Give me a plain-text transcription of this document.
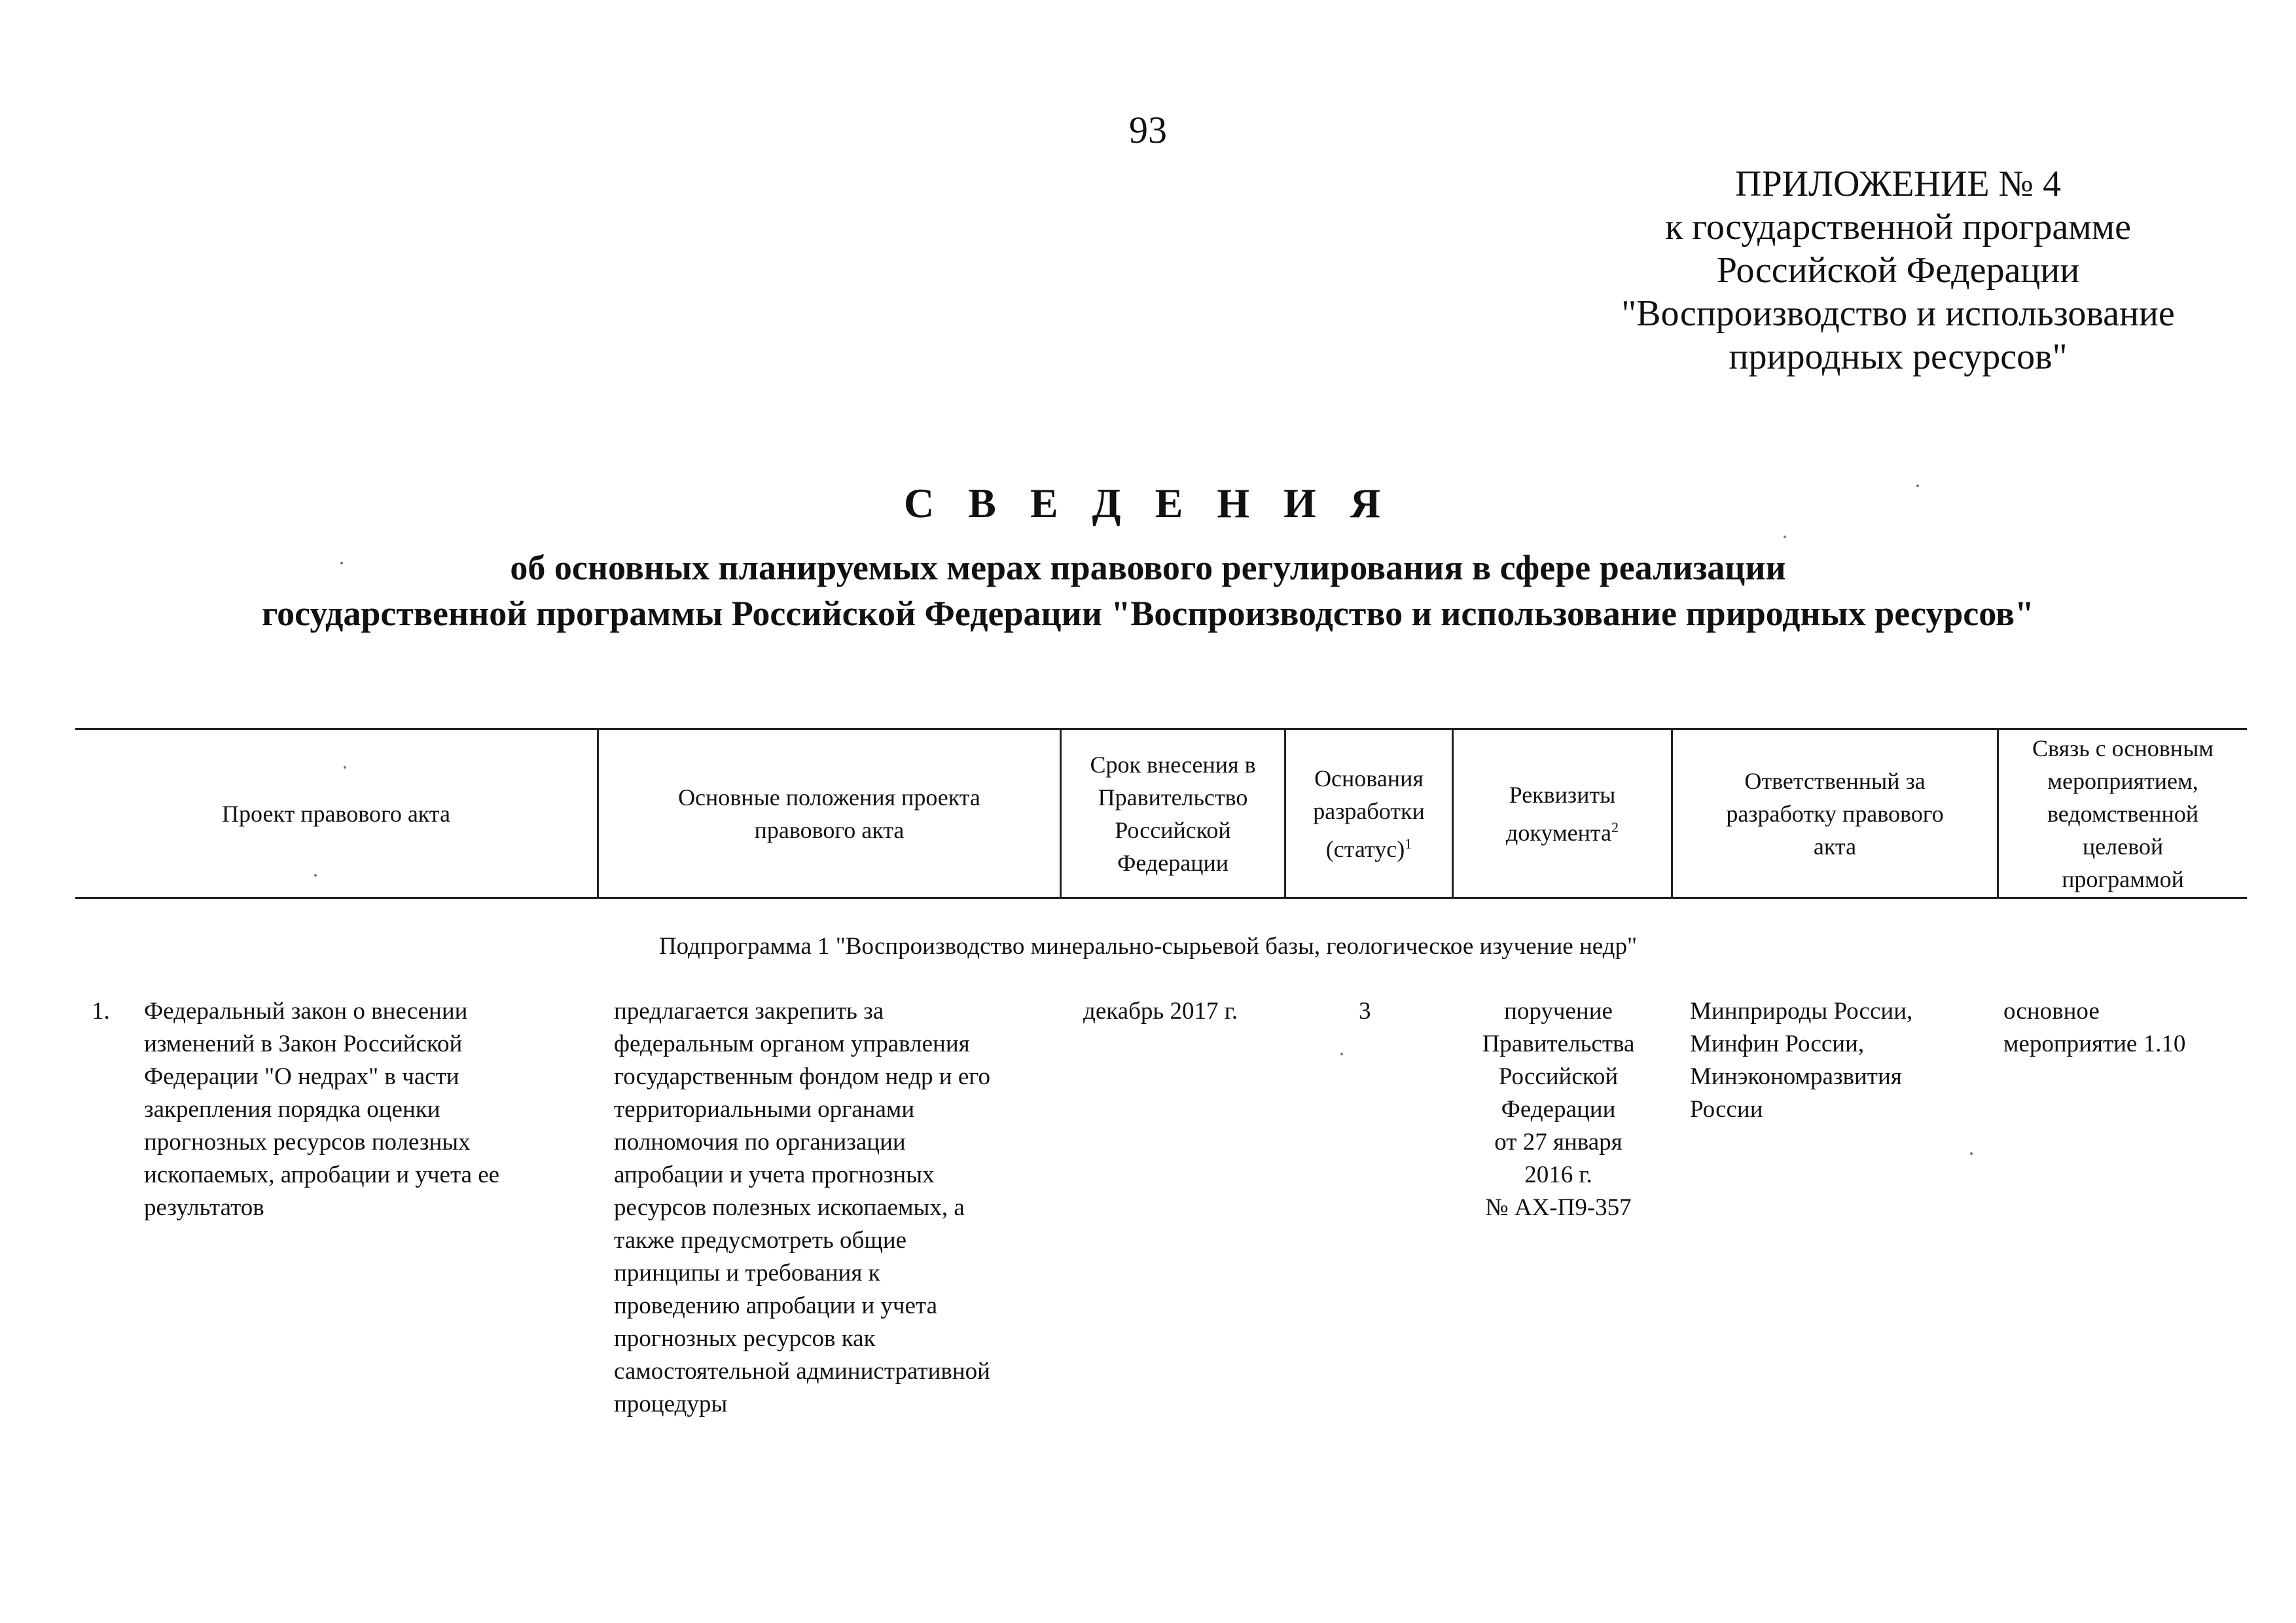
93
ПРИЛОЖЕНИЕ № 4
к государственной программе
Российской Федерации
"Воспроизводство и использование
природных ресурсов"
С В Е Д Е Н И Я
об основных планируемых мерах правового регулирования в сфере реализации
государственной программы Российской Федерации "Воспроизводство и использование природных ресурсов"
Проект правового акта
Основные положения проекта
правового акта
Срок внесения в
Правительство
Российской
Федерации
Основания
разработки
(статус)$^1$
Реквизиты
документа$^2$
Ответственный за
разработку правового
акта
Связь с основным
мероприятием,
ведомственной
целевой
программой
Подпрограмма 1 "Воспроизводство минерально-сырьевой базы, геологическое изучение недр"
1. Федеральный закон о внесении
изменений в Закон Российской
Федерации "О недрах" в части
закрепления порядка оценки
прогнозных ресурсов полезных
ископаемых, апробации и учета ее
результатов
предлагается закрепить за
федеральным органом управления
государственным фондом недр и его
территориальными органами
полномочия по организации
апробации и учета прогнозных
ресурсов полезных ископаемых, а
также предусмотреть общие
принципы и требования к
проведению апробации и учета
прогнозных ресурсов как
самостоятельной административной
процедуры
декабрь 2017 г.	3	поручение
Правительства
Российской
Федерации
от 27 января
2016 г.
№ АХ-П9-357
Минприроды России,
Минфин России,
Минэкономразвития
России
основное
мероприятие 1.10
